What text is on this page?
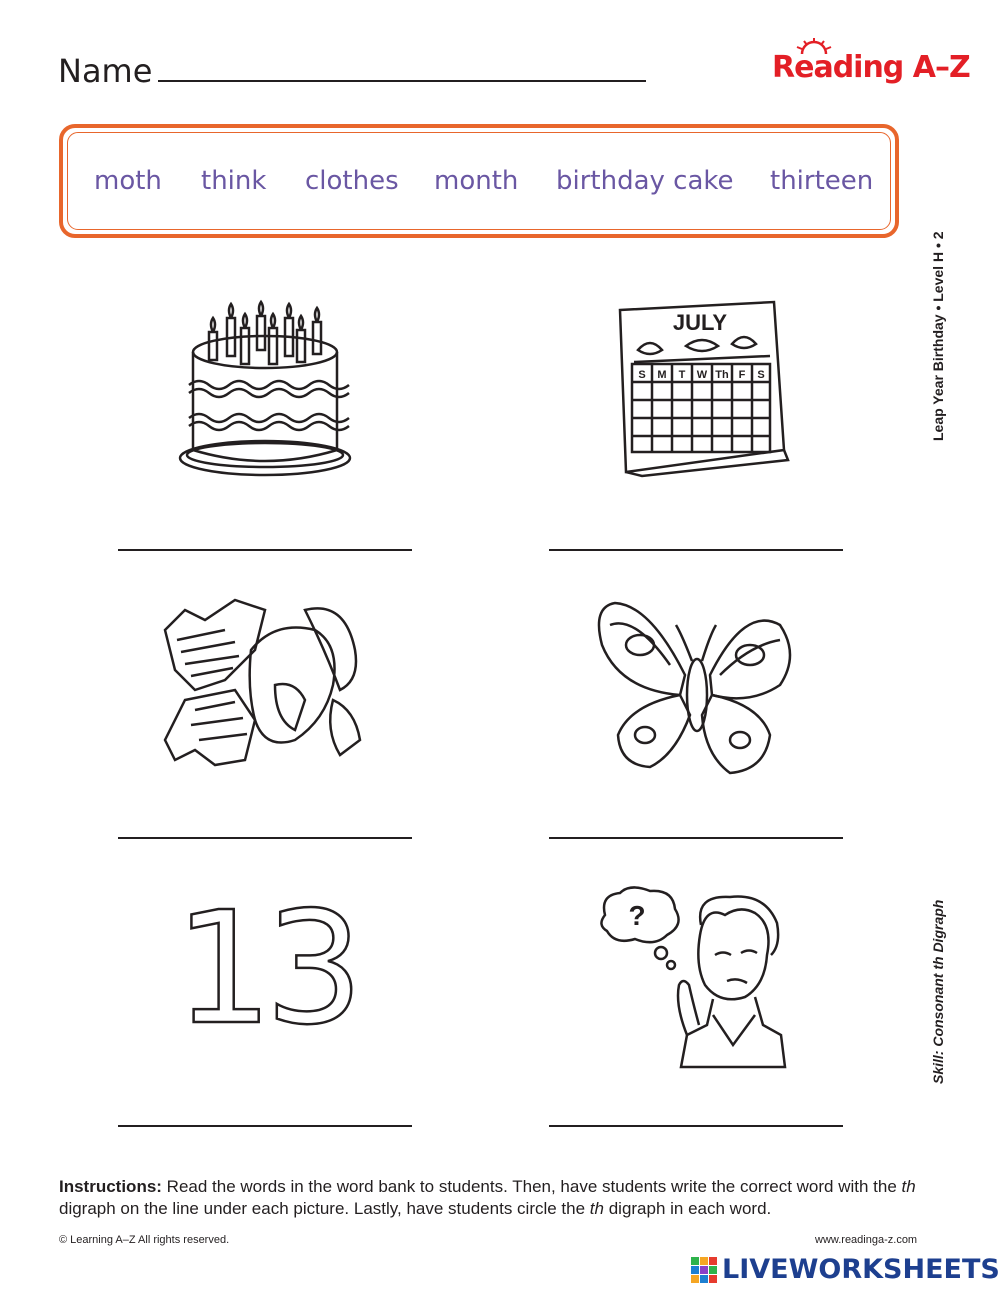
Name	Reading A–Z
moth think clothes month birthday cake thirteen
JULY
S M T W Th F S
13	?
Leap Year Birthday • Level H • 2
Skill: Consonant th Digraph
Instructions: Read the words in the word bank to students. Then, have students write the correct word with the th digraph on the line under each picture. Lastly, have students circle the th digraph in each word.
© Learning A–Z All rights reserved.	www.readinga-z.com
LIVEWORKSHEETS
